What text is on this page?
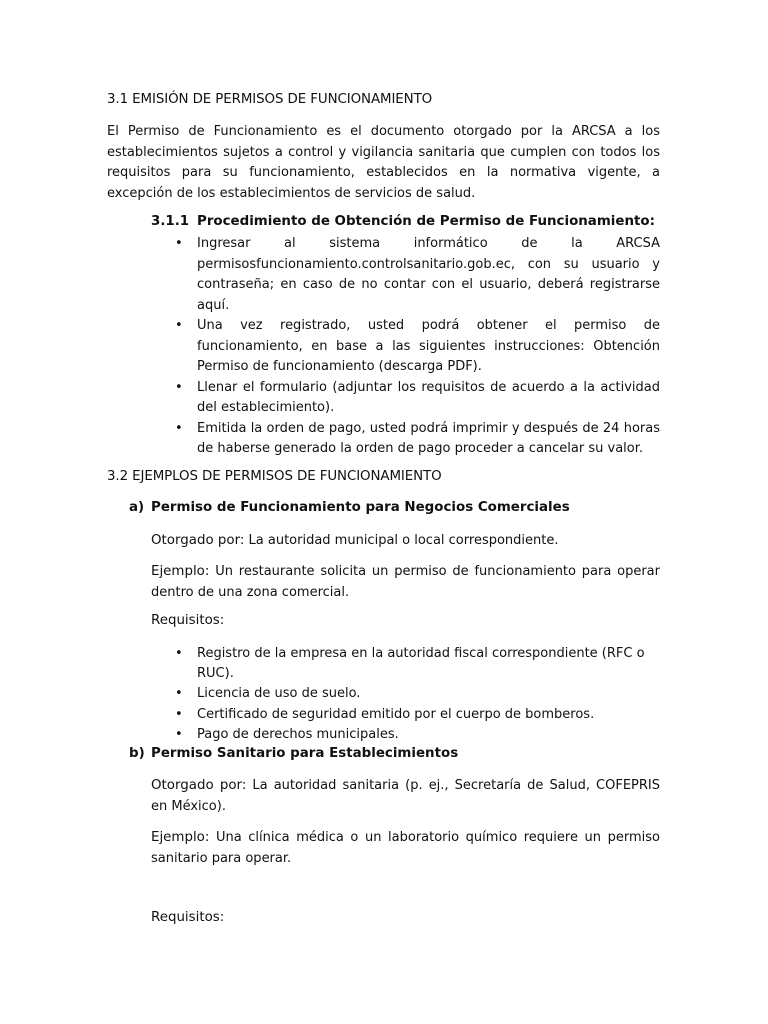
3.1 EMISIÓN DE PERMISOS DE FUNCIONAMIENTO

El Permiso de Funcionamiento es el documento otorgado por la ARCSA a los establecimientos sujetos a control y vigilancia sanitaria que cumplen con todos los requisitos para su funcionamiento, establecidos en la normativa vigente, a excepción de los establecimientos de servicios de salud.

3.1.1 Procedimiento de Obtención de Permiso de Funcionamiento:
• Ingresar al sistema informático de la ARCSA permisosfuncionamiento.controlsanitario.gob.ec, con su usuario y contraseña; en caso de no contar con el usuario, deberá registrarse aquí.
• Una vez registrado, usted podrá obtener el permiso de funcionamiento, en base a las siguientes instrucciones: Obtención Permiso de funcionamiento (descarga PDF).
• Llenar el formulario (adjuntar los requisitos de acuerdo a la actividad del establecimiento).
• Emitida la orden de pago, usted podrá imprimir y después de 24 horas de haberse generado la orden de pago proceder a cancelar su valor.
3.2 EJEMPLOS DE PERMISOS DE FUNCIONAMIENTO
a) Permiso de Funcionamiento para Negocios Comerciales

Otorgado por: La autoridad municipal o local correspondiente.

Ejemplo: Un restaurante solicita un permiso de funcionamiento para operar dentro de una zona comercial.

Requisitos:

• Registro de la empresa en la autoridad fiscal correspondiente (RFC o RUC).
• Licencia de uso de suelo.
• Certificado de seguridad emitido por el cuerpo de bomberos.
• Pago de derechos municipales.
b) Permiso Sanitario para Establecimientos

Otorgado por: La autoridad sanitaria (p. ej., Secretaría de Salud, COFEPRIS en México).

Ejemplo: Una clínica médica o un laboratorio químico requiere un permiso sanitario para operar.

Requisitos:
